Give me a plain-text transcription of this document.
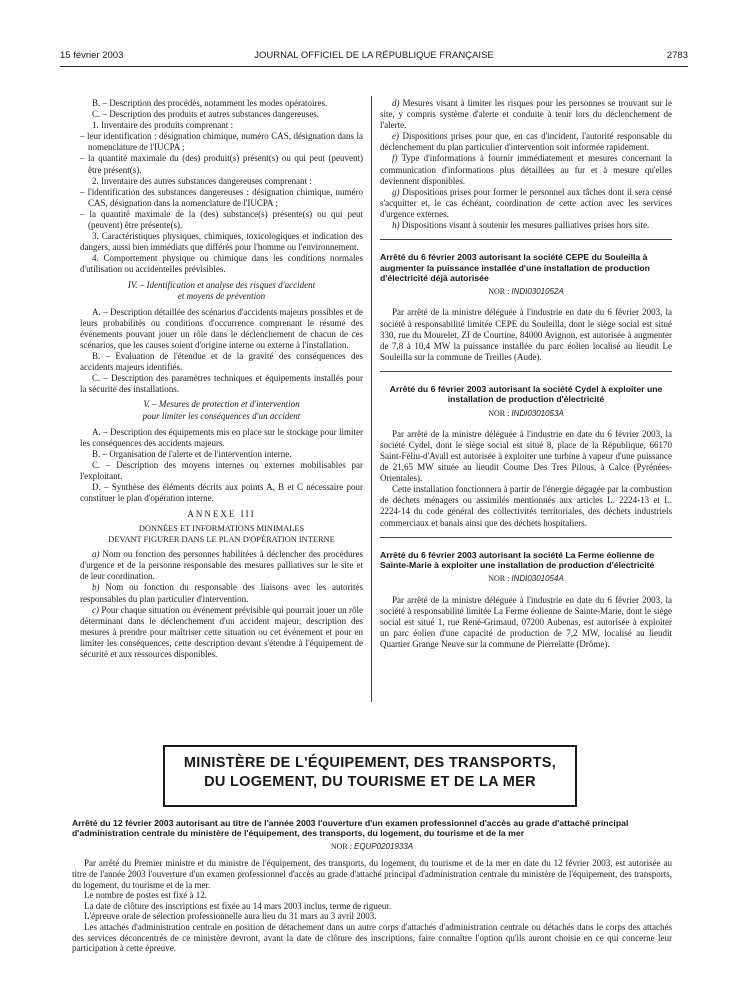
15 février 2003	JOURNAL OFFICIEL DE LA RÉPUBLIQUE FRANÇAISE	2783

B. – Description des procédés, notamment les modes opératoires.

C. – Description des produits et autres substances dangereuses.

1. Inventaire des produits comprenant :

– leur identification : désignation chimique, numéro CAS, désignation dans la nomenclature de l'IUCPA ;

– la quantité maximale du (des) produit(s) présent(s) ou qui peut (peuvent) être présent(s).

2. Inventaire des autres substances dangereuses comprenant :

– l'identification des substances dangereuses : désignation chimique, numéro CAS, désignation dans la nomenclature de l'IUCPA ;

– la quantité maximale de la (des) substance(s) présente(s) ou qui peut (peuvent) être présente(s).

3. Caractéristiques physiques, chimiques, toxicologiques et indication des dangers, aussi bien immédiats que différés pour l'homme ou l'environnement.

4. Comportement physique ou chimique dans les conditions normales d'utilisation ou accidentelles prévisibles.

IV. – Identification et analyse des risques d'accident
et moyens de prévention

A. – Description détaillée des scénarios d'accidents majeurs possibles et de leurs probabilités ou conditions d'occurrence comprenant le résumé des événements pouvant jouer un rôle dans le déclenchement de chacun de ces scénarios, que les causes soient d'origine interne ou externe à l'installation.

B. – Evaluation de l'étendue et de la gravité des conséquences des accidents majeurs identifiés.

C. – Description des paramètres techniques et équipements installés pour la sécurité des installations.

V. – Mesures de protection et d'intervention
pour limiter les conséquences d'un accident

A. – Description des équipements mis en place sur le stockage pour limiter les conséquences des accidents majeurs.

B. – Organisation de l'alerte et de l'intervention interne.

C. – Description des moyens internes ou externes mobilisables par l'exploitant.

D. – Synthèse des éléments décrits aux points A, B et C nécessaire pour constituer le plan d'opération interne.

ANNEXE III
DONNÉES ET INFORMATIONS MINIMALES
DEVANT FIGURER DANS LE PLAN D'OPÉRATION INTERNE

a) Nom ou fonction des personnes habilitées à déclencher des procédures d'urgence et de la personne responsable des mesures palliatives sur le site et de leur coordination.

b) Nom ou fonction du responsable des liaisons avec les autorités responsables du plan particulier d'intervention.

c) Pour chaque situation ou événement prévisible qui pourrait jouer un rôle déterminant dans le déclenchement d'un accident majeur, description des mesures à prendre pour maîtriser cette situation ou cet événement et pour en limiter les conséquences, cette description devant s'étendre à l'équipement de sécurité et aux ressources disponibles.

d) Mesures visant à limiter les risques pour les personnes se trouvant sur le site, y compris système d'alerte et conduite à tenir lors du déclenchement de l'alerte.

e) Dispositions prises pour que, en cas d'incident, l'autorité responsable du déclenchement du plan particulier d'intervention soit informée rapidement.

f) Type d'informations à fournir immédiatement et mesures concernant la communication d'informations plus détaillées au fur et à mesure qu'elles deviennent disponibles.

g) Dispositions prises pour former le personnel aux tâches dont il sera censé s'acquitter et, le cas échéant, coordination de cette action avec les services d'urgence externes.

h) Dispositions visant à soutenir les mesures palliatives prises hors site.

Arrêté du 6 février 2003 autorisant la société CEPE du Souleilla à augmenter la puissance installée d'une installation de production d'électricité déjà autorisée
NOR : INDI0301052A

Par arrêté de la ministre déléguée à l'industrie en date du 6 février 2003, la société à responsabilité limitée CEPE du Souleilla, dont le siège social est situé 330, rue du Mourelet, ZI de Courtine, 84000 Avignon, est autorisée à augmenter de 7,8 à 10,4 MW la puissance installée du parc éolien localisé au lieudit Le Souleilla sur la commune de Treilles (Aude).

Arrêté du 6 février 2003 autorisant la société Cydel à exploiter une installation de production d'électricité
NOR : INDI0301053A

Par arrêté de la ministre déléguée à l'industrie en date du 6 février 2003, la société Cydel, dont le siège social est situé 8, place de la République, 66170 Saint-Féliu-d'Avall est autorisée à exploiter une turbine à vapeur d'une puissance de 21,65 MW située au lieudit Coume Des Tres Pilous, à Calce (Pyrénées-Orientales).

Cette installation fonctionnera à partir de l'énergie dégagée par la combustion de déchets ménagers ou assimilés mentionnés aux articles L. 2224-13 et L. 2224-14 du code général des collectivités territoriales, des déchets industriels commerciaux et banals ainsi que des déchets hospitaliers.

Arrêté du 6 février 2003 autorisant la société La Ferme éolienne de Sainte-Marie à exploiter une installation de production d'électricité
NOR : INDI0301054A

Par arrêté de la ministre déléguée à l'industrie en date du 6 février 2003, la société à responsabilité limitée La Ferme éolienne de Sainte-Marie, dont le siège social est situé 1, rue René-Grimaud, 07200 Aubenas, est autorisée à exploiter un parc éolien d'une capacité de production de 7,2 MW, localisé au lieudit Quartier Grange Neuve sur la commune de Pierrelatte (Drôme).

MINISTÈRE DE L'ÉQUIPEMENT, DES TRANSPORTS,
DU LOGEMENT, DU TOURISME ET DE LA MER
Arrêté du 12 février 2003 autorisant au titre de l'année 2003 l'ouverture d'un examen professionnel d'accès au grade d'attaché principal d'administration centrale du ministère de l'équipement, des transports, du logement, du tourisme et de la mer
NOR : EQUP0201933A

Par arrêté du Premier ministre et du ministre de l'équipement, des transports, du logement, du tourisme et de la mer en date du 12 février 2003, est autorisée au titre de l'année 2003 l'ouverture d'un examen professionnel d'accès au grade d'attaché principal d'administration centrale du ministère de l'équipement, des transports, du logement, du tourisme et de la mer.

Le nombre de postes est fixé à 12.

La date de clôture des inscriptions est fixée au 14 mars 2003 inclus, terme de rigueur.

L'épreuve orale de sélection professionnelle aura lieu du 31 mars au 3 avril 2003.

Les attachés d'administration centrale en position de détachement dans un autre corps d'attachés d'administration centrale ou détachés dans le corps des attachés des services déconcentrés de ce ministère devront, avant la date de clôture des inscriptions, faire connaître l'option qu'ils auront choisie en ce qui concerne leur participation à cette épreuve.
